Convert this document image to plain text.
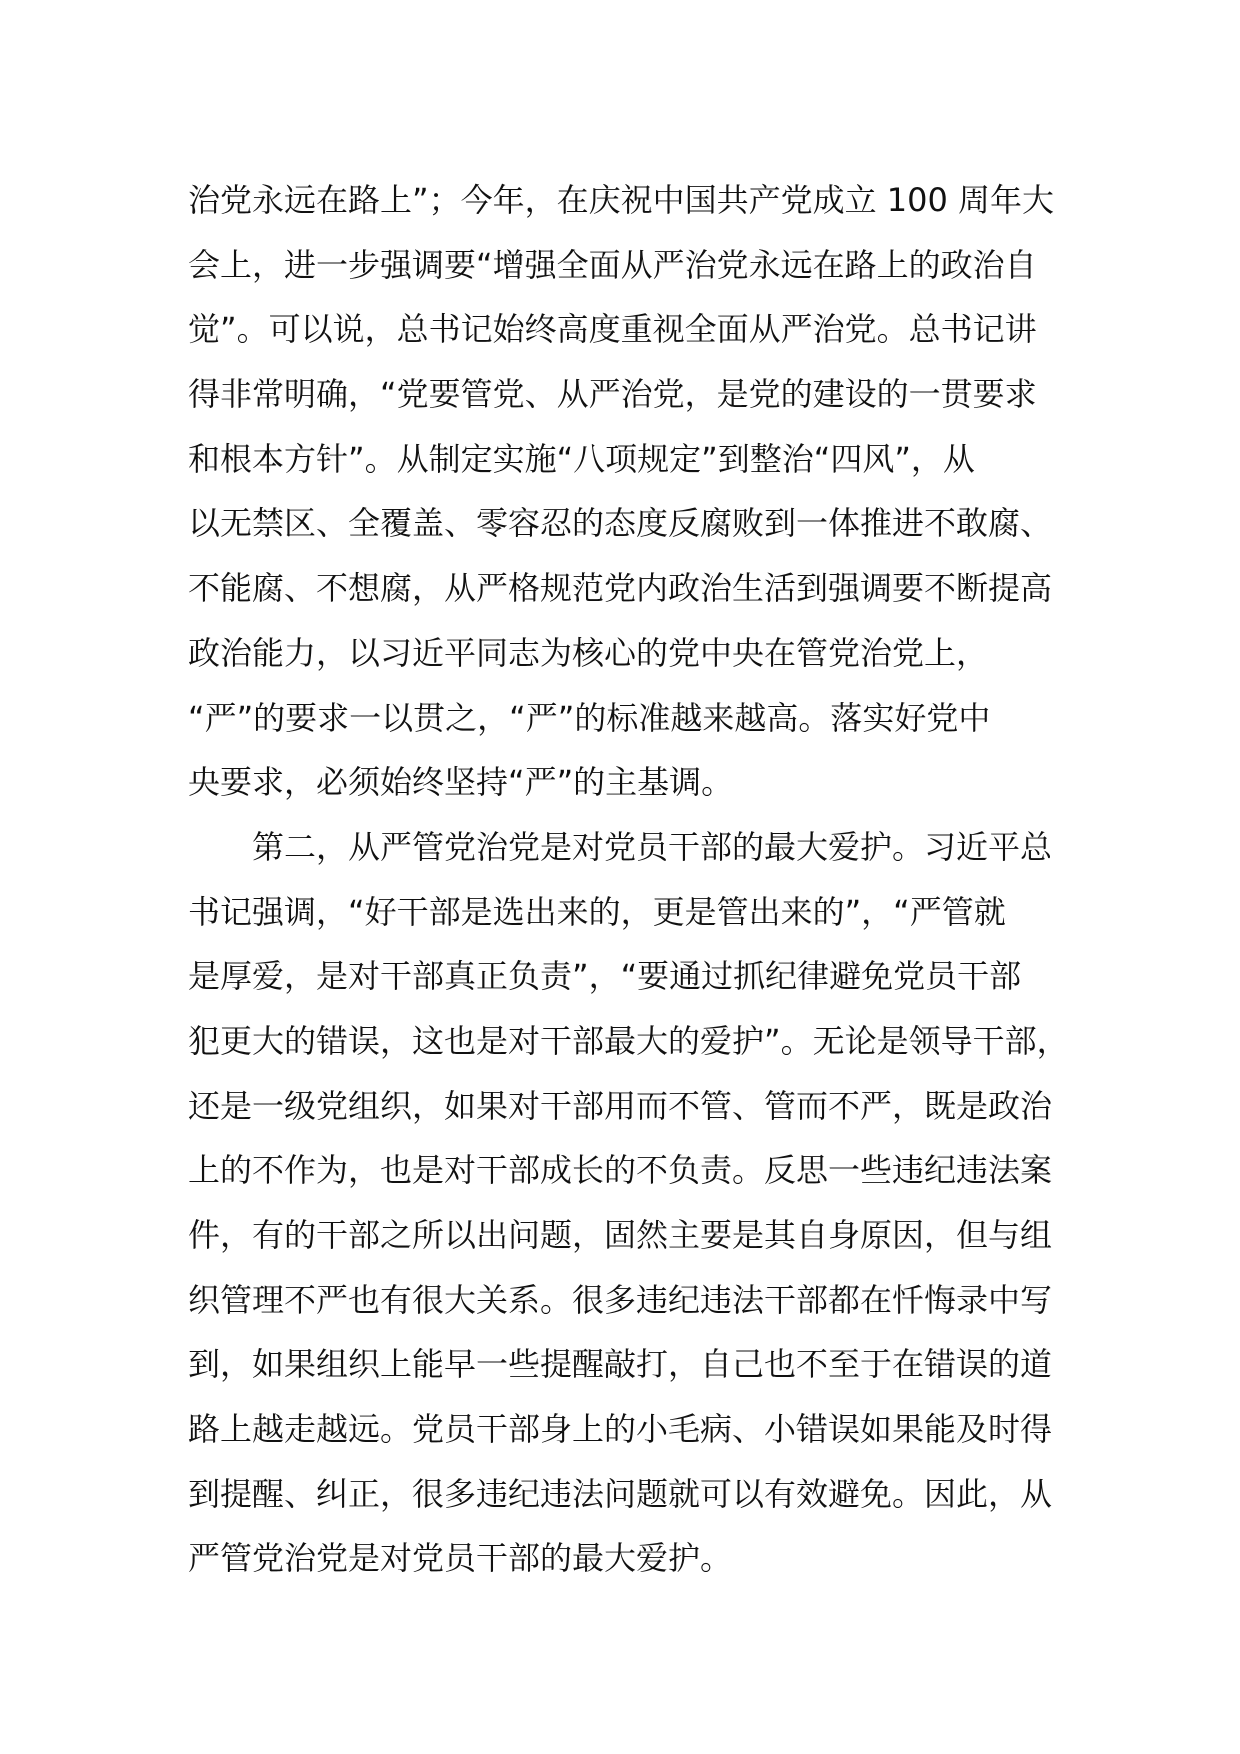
治党永远在路上”；今年，在庆祝中国共产党成立 100 周年大
会上，进一步强调要“增强全面从严治党永远在路上的政治自
觉”。可以说，总书记始终高度重视全面从严治党。总书记讲
得非常明确，“党要管党、从严治党，是党的建设的一贯要求
和根本方针”。从制定实施“八项规定”到整治“四风”，从
以无禁区、全覆盖、零容忍的态度反腐败到一体推进不敢腐、
不能腐、不想腐，从严格规范党内政治生活到强调要不断提高
政治能力，以习近平同志为核心的党中央在管党治党上，
“严”的要求一以贯之，“严”的标准越来越高。落实好党中
央要求，必须始终坚持“严”的主基调。
第二，从严管党治党是对党员干部的最大爱护。习近平总
书记强调，“好干部是选出来的，更是管出来的”，“严管就
是厚爱，是对干部真正负责”，“要通过抓纪律避免党员干部
犯更大的错误，这也是对干部最大的爱护”。无论是领导干部，
还是一级党组织，如果对干部用而不管、管而不严，既是政治
上的不作为，也是对干部成长的不负责。反思一些违纪违法案
件，有的干部之所以出问题，固然主要是其自身原因，但与组
织管理不严也有很大关系。很多违纪违法干部都在忏悔录中写
到，如果组织上能早一些提醒敲打，自己也不至于在错误的道
路上越走越远。党员干部身上的小毛病、小错误如果能及时得
到提醒、纠正，很多违纪违法问题就可以有效避免。因此，从
严管党治党是对党员干部的最大爱护。
